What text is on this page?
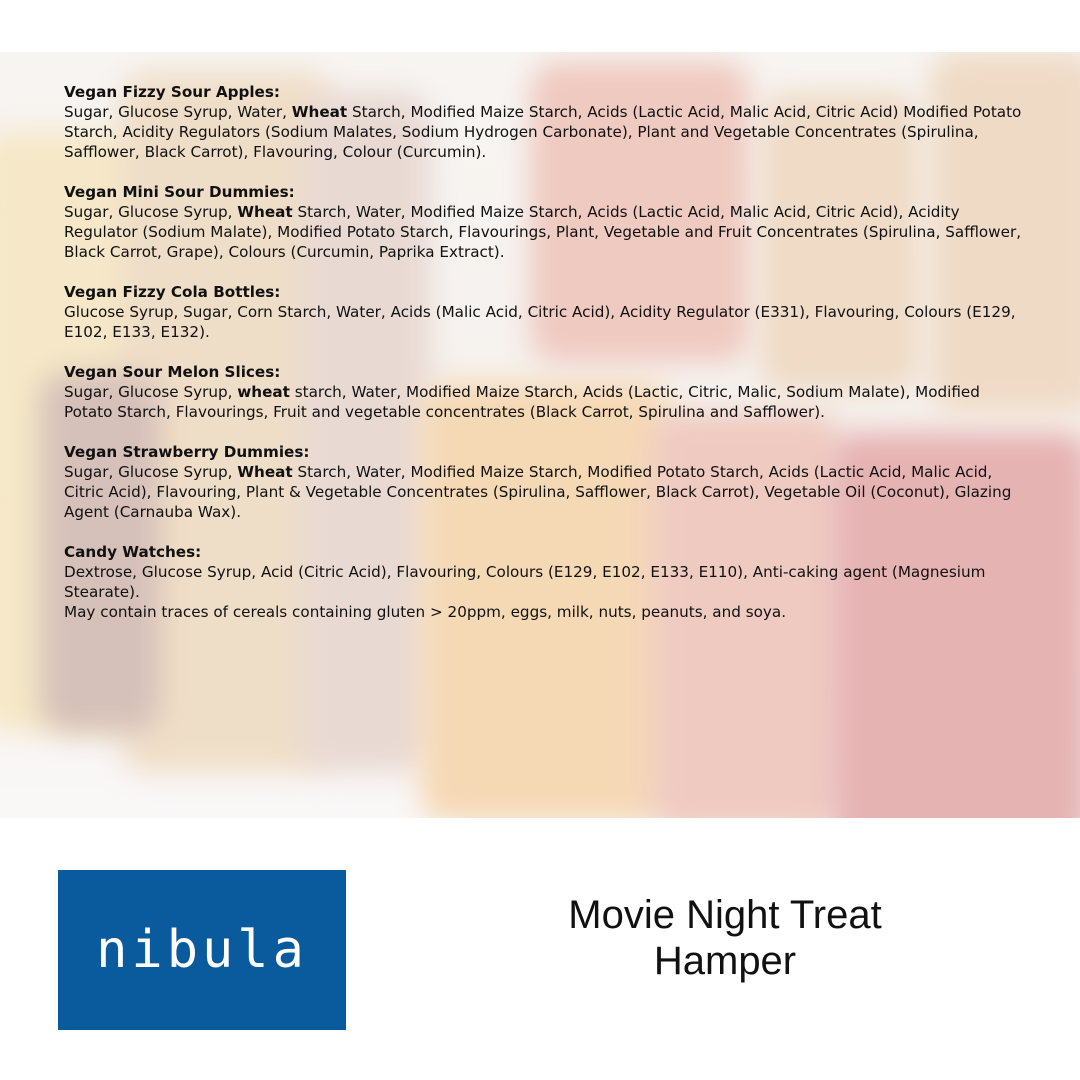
Vegan Fizzy Sour Apples:
Sugar, Glucose Syrup, Water, Wheat Starch, Modified Maize Starch, Acids (Lactic Acid, Malic Acid, Citric Acid) Modified Potato Starch, Acidity Regulators (Sodium Malates, Sodium Hydrogen Carbonate), Plant and Vegetable Concentrates (Spirulina, Safflower, Black Carrot), Flavouring, Colour (Curcumin).
Vegan Mini Sour Dummies:
Sugar, Glucose Syrup, Wheat Starch, Water, Modified Maize Starch, Acids (Lactic Acid, Malic Acid, Citric Acid), Acidity Regulator (Sodium Malate), Modified Potato Starch, Flavourings, Plant, Vegetable and Fruit Concentrates (Spirulina, Safflower, Black Carrot, Grape), Colours (Curcumin, Paprika Extract).
Vegan Fizzy Cola Bottles:
Glucose Syrup, Sugar, Corn Starch, Water, Acids (Malic Acid, Citric Acid), Acidity Regulator (E331), Flavouring, Colours (E129, E102, E133, E132).
Vegan Sour Melon Slices:
Sugar, Glucose Syrup, wheat starch, Water, Modified Maize Starch, Acids (Lactic, Citric, Malic, Sodium Malate), Modified Potato Starch, Flavourings, Fruit and vegetable concentrates (Black Carrot, Spirulina and Safflower).
Vegan Strawberry Dummies:
Sugar, Glucose Syrup, Wheat Starch, Water, Modified Maize Starch, Modified Potato Starch, Acids (Lactic Acid, Malic Acid, Citric Acid), Flavouring, Plant & Vegetable Concentrates (Spirulina, Safflower, Black Carrot), Vegetable Oil (Coconut), Glazing Agent (Carnauba Wax).
Candy Watches:
Dextrose, Glucose Syrup, Acid (Citric Acid), Flavouring, Colours (E129, E102, E133, E110), Anti-caking agent (Magnesium Stearate).
May contain traces of cereals containing gluten > 20ppm, eggs, milk, nuts, peanuts, and soya.
nibula
Movie Night Treat
Hamper
